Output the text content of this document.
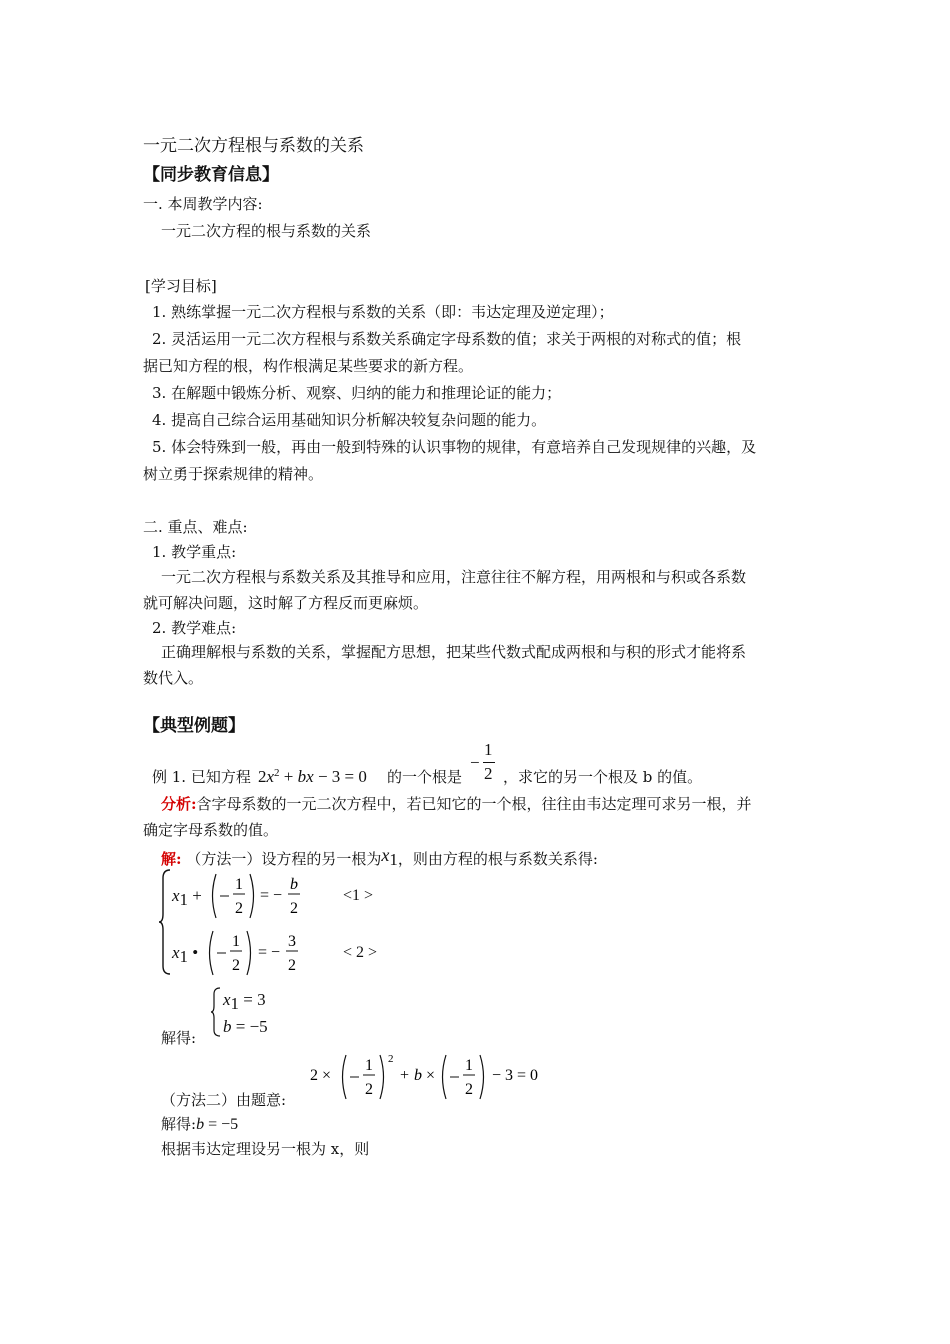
一元二次方程根与系数的关系
【同步教育信息】
一. 本周教学内容:
一元二次方程的根与系数的关系
[学习目标]
1. 熟练掌握一元二次方程根与系数的关系（即：韦达定理及逆定理）；
2. 灵活运用一元二次方程根与系数关系确定字母系数的值；求关于两根的对称式的值；根
据已知方程的根，构作根满足某些要求的新方程。
3. 在解题中锻炼分析、观察、归纳的能力和推理论证的能力；
4. 提高自己综合运用基础知识分析解决较复杂问题的能力。
5. 体会特殊到一般，再由一般到特殊的认识事物的规律，有意培养自己发现规律的兴趣，及
树立勇于探索规律的精神。
二. 重点、难点:
1. 教学重点:
一元二次方程根与系数关系及其推导和应用，注意往往不解方程，用两根和与积或各系数
就可解决问题，这时解了方程反而更麻烦。
2. 教学难点:
正确理解根与系数的关系，掌握配方思想，把某些代数式配成两根和与积的形式才能将系
数代入。
【典型例题】
例 1. 已知方程 $2x^2$ + bx − 3 = 0 的一个根是
−
1
2 ，求它的另一个根及 b 的值。
分析:含字母系数的一元二次方程中，若已知它的一个根，往往由韦达定理可求另一根，并
确定字母系数的值。
解: （方法一）设方程的另一根为$x_1$，则由方程的根与系数关系得:
$x_1$ +
1
2
= −
b
2
<1 >
$x_1$ •
1
2
= −
3
2
< 2 >
解得:
$x_1 = 3$
b = −5
（方法二）由题意:
2 ×
1
2
2
+ b ×
1
2
− 3 = 0
解得:b = −5
根据韦达定理设另一根为 x，则
